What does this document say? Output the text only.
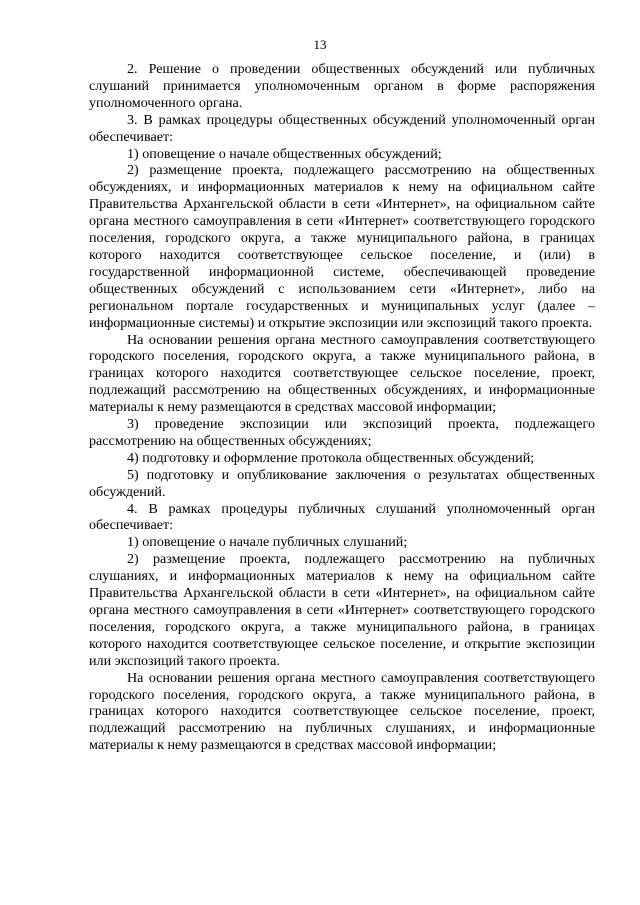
13

2. Решение о проведении общественных обсуждений или публичных слушаний принимается уполномоченным органом в форме распоряжения уполномоченного органа.

3. В рамках процедуры общественных обсуждений уполномоченный орган обеспечивает:

1) оповещение о начале общественных обсуждений;

2) размещение проекта, подлежащего рассмотрению на общественных обсуждениях, и информационных материалов к нему на официальном сайте Правительства Архангельской области в сети «Интернет», на официальном сайте органа местного самоуправления в сети «Интернет» соответствующего городского поселения, городского округа, а также муниципального района, в границах которого находится соответствующее сельское поселение, и (или) в государственной информационной системе, обеспечивающей проведение общественных обсуждений с использованием сети «Интернет», либо на региональном портале государственных и муниципальных услуг (далее – информационные системы) и открытие экспозиции или экспозиций такого проекта.

На основании решения органа местного самоуправления соответствующего городского поселения, городского округа, а также муниципального района, в границах которого находится соответствующее сельское поселение, проект, подлежащий рассмотрению на общественных обсуждениях, и информационные материалы к нему размещаются в средствах массовой информации;

3) проведение экспозиции или экспозиций проекта, подлежащего рассмотрению на общественных обсуждениях;

4) подготовку и оформление протокола общественных обсуждений;

5) подготовку и опубликование заключения о результатах общественных обсуждений.

4. В рамках процедуры публичных слушаний уполномоченный орган обеспечивает:

1) оповещение о начале публичных слушаний;

2) размещение проекта, подлежащего рассмотрению на публичных слушаниях, и информационных материалов к нему на официальном сайте Правительства Архангельской области в сети «Интернет», на официальном сайте органа местного самоуправления в сети «Интернет» соответствующего городского поселения, городского округа, а также муниципального района, в границах которого находится соответствующее сельское поселение, и открытие экспозиции или экспозиций такого проекта.

На основании решения органа местного самоуправления соответствующего городского поселения, городского округа, а также муниципального района, в границах которого находится соответствующее сельское поселение, проект, подлежащий рассмотрению на публичных слушаниях, и информационные материалы к нему размещаются в средствах массовой информации;
